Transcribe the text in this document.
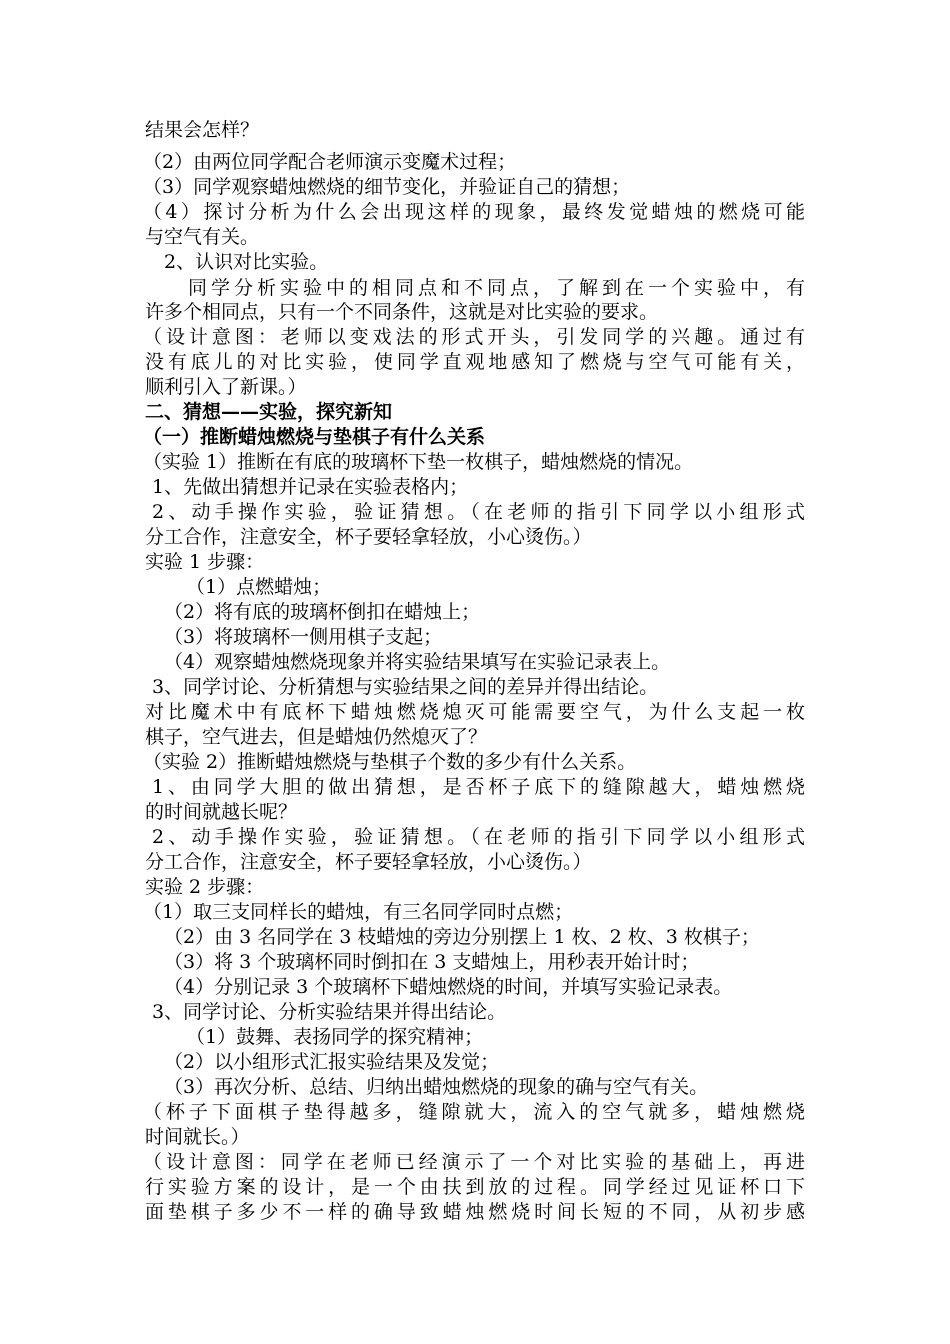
结果会怎样？
（2）由两位同学配合老师演示变魔术过程；
（3）同学观察蜡烛燃烧的细节变化，并验证自己的猜想；
（4）探讨分析为什么会出现这样的现象，最终发觉蜡烛的燃烧可能
与空气有关。
2、认识对比实验。
同学分析实验中的相同点和不同点，了解到在一个实验中，有
许多个相同点，只有一个不同条件，这就是对比实验的要求。
（设计意图：老师以变戏法的形式开头，引发同学的兴趣。通过有
没有底儿的对比实验，使同学直观地感知了燃烧与空气可能有关，
顺利引入了新课。）
二、猜想——实验，探究新知
（一）推断蜡烛燃烧与垫棋子有什么关系
（实验 1）推断在有底的玻璃杯下垫一枚棋子，蜡烛燃烧的情况。
1、先做出猜想并记录在实验表格内；
2、动手操作实验，验证猜想。（在老师的指引下同学以小组形式
分工合作，注意安全，杯子要轻拿轻放，小心烫伤。）
实验 1 步骤：
（1）点燃蜡烛；
（2）将有底的玻璃杯倒扣在蜡烛上；
（3）将玻璃杯一侧用棋子支起；
（4）观察蜡烛燃烧现象并将实验结果填写在实验记录表上。
3、同学讨论、分析猜想与实验结果之间的差异并得出结论。
对比魔术中有底杯下蜡烛燃烧熄灭可能需要空气，为什么支起一枚
棋子，空气进去，但是蜡烛仍然熄灭了？
（实验 2）推断蜡烛燃烧与垫棋子个数的多少有什么关系。
1、由同学大胆的做出猜想，是否杯子底下的缝隙越大，蜡烛燃烧
的时间就越长呢？
2、动手操作实验，验证猜想。（在老师的指引下同学以小组形式
分工合作，注意安全，杯子要轻拿轻放，小心烫伤。）
实验 2 步骤：
（1）取三支同样长的蜡烛，有三名同学同时点燃；
（2）由 3 名同学在 3 枝蜡烛的旁边分别摆上 1 枚、2 枚、3 枚棋子；
（3）将 3 个玻璃杯同时倒扣在 3 支蜡烛上，用秒表开始计时；
（4）分别记录 3 个玻璃杯下蜡烛燃烧的时间，并填写实验记录表。
3、同学讨论、分析实验结果并得出结论。
（1）鼓舞、表扬同学的探究精神；
（2）以小组形式汇报实验结果及发觉；
（3）再次分析、总结、归纳出蜡烛燃烧的现象的确与空气有关。
（杯子下面棋子垫得越多，缝隙就大，流入的空气就多，蜡烛燃烧
时间就长。）
（设计意图：同学在老师已经演示了一个对比实验的基础上，再进
行实验方案的设计，是一个由扶到放的过程。同学经过见证杯口下
面垫棋子多少不一样的确导致蜡烛燃烧时间长短的不同，从初步感
